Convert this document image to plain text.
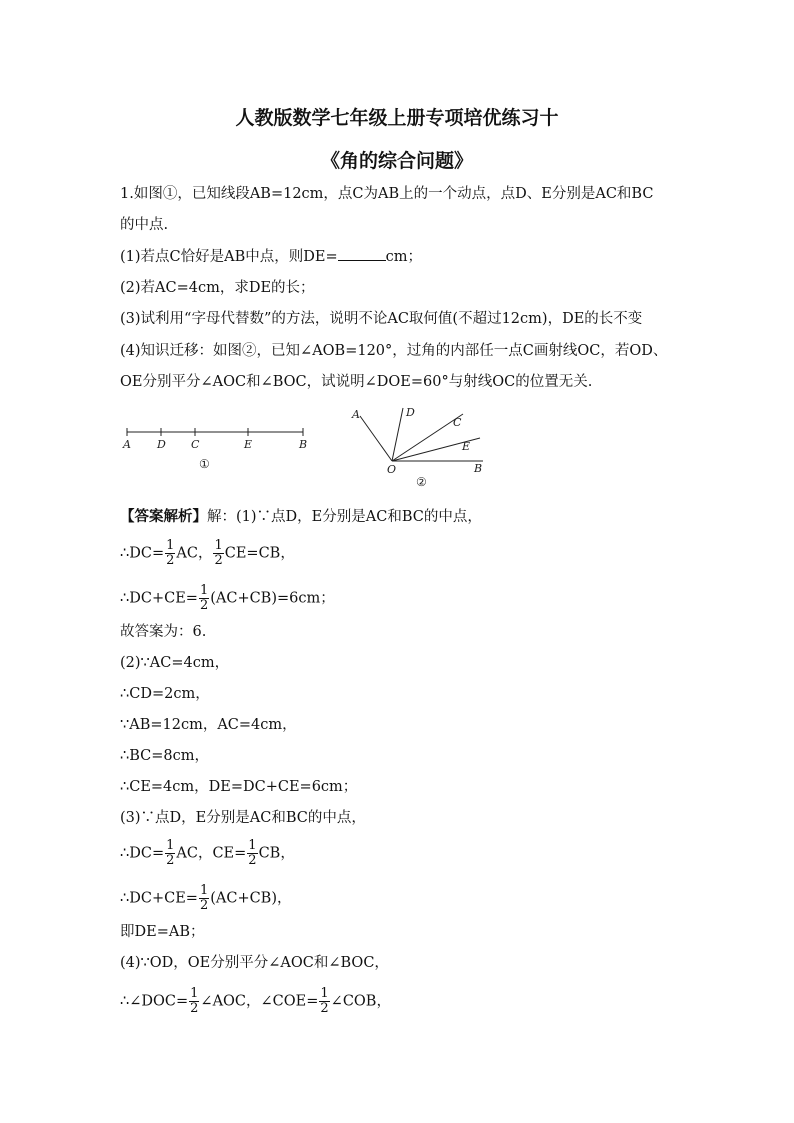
人教版数学七年级上册专项培优练习十
《角的综合问题》
1.如图①，已知线段AB=12cm，点C为AB上的一个动点，点D、E分别是AC和BC
的中点.
(1)若点C恰好是AB中点，则DE=	cm；
(2)若AC=4cm，求DE的长；
(3)试利用“字母代替数”的方法，说明不论AC取何值(不超过12cm)，DE的长不变
(4)知识迁移：如图②，已知∠AOB=120°，过角的内部任一点C画射线OC，若OD、
OE分别平分∠AOC和∠BOC，试说明∠DOE=60°与射线OC的位置无关.
A D C	E	B
①
A	D
C
E
O	B
②
【答案解析】解：(1)∵点D，E分别是AC和BC的中点，
∴DC= $\frac{1}{2}$ AC， $\frac{1}{2} CE=CB$，
∴DC+CE= $\frac{1}{2} (AC+CB)=6cm$；
故答案为：6.
(2)∵AC=4cm，
∴CD=2cm，
∵AB=12cm，AC=4cm，
∴BC=8cm，
∴CE=4cm，DE=DC+CE=6cm；
(3)∵点D，E分别是AC和BC的中点，
∴DC= $\frac{1}{2}$ AC，$CE= \frac{1}{2}$ CB，
∴DC+CE= $\frac{1}{2} (AC+CB)$，
即DE=AB；
(4)∵OD，OE分别平分∠AOC和∠BOC，
∴∠DOC= $\frac{1}{2}$ ∠AOC，∠COE= $\frac{1}{2}$ ∠COB，
